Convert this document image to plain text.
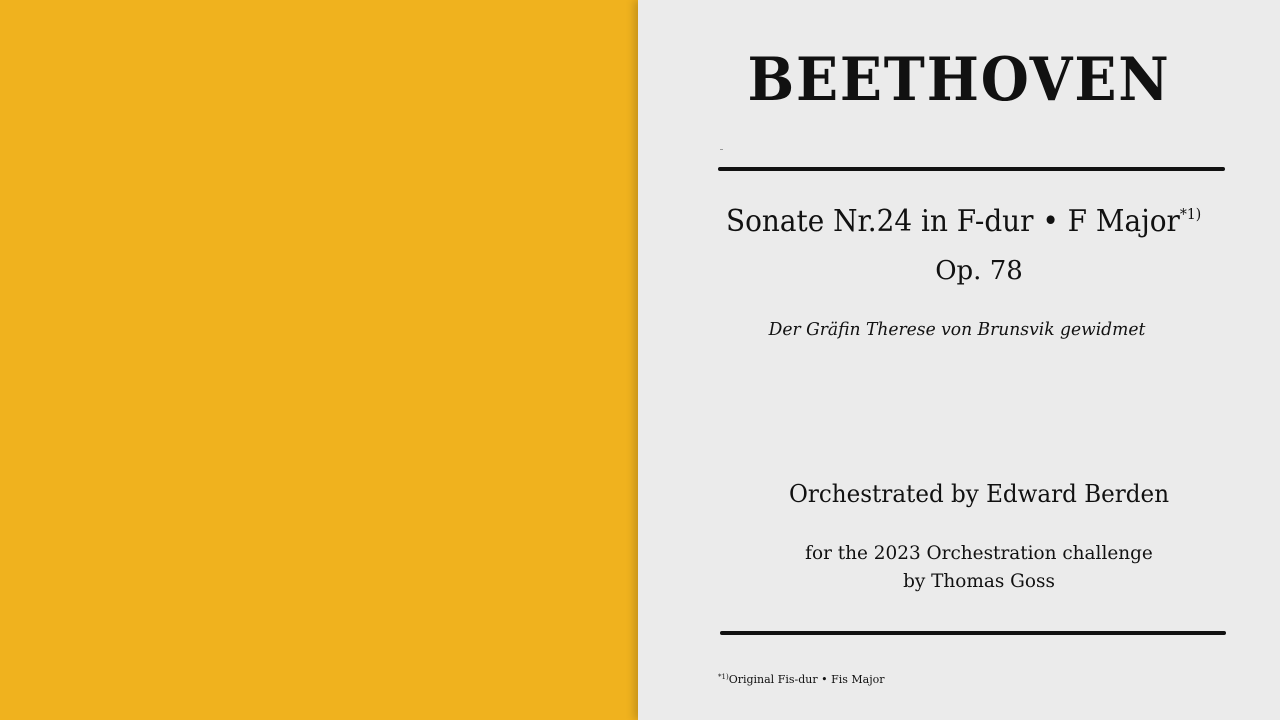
BEETHOVEN
Sonate Nr.24 in F-dur • F Major$^{*1)}$
Op. 78
Der Gräfin Therese von Brunsvik gewidmet
Orchestrated by Edward Berden
for the 2023 Orchestration challenge
by Thomas Goss
$^{*1)}$Original Fis-dur • Fis Major
